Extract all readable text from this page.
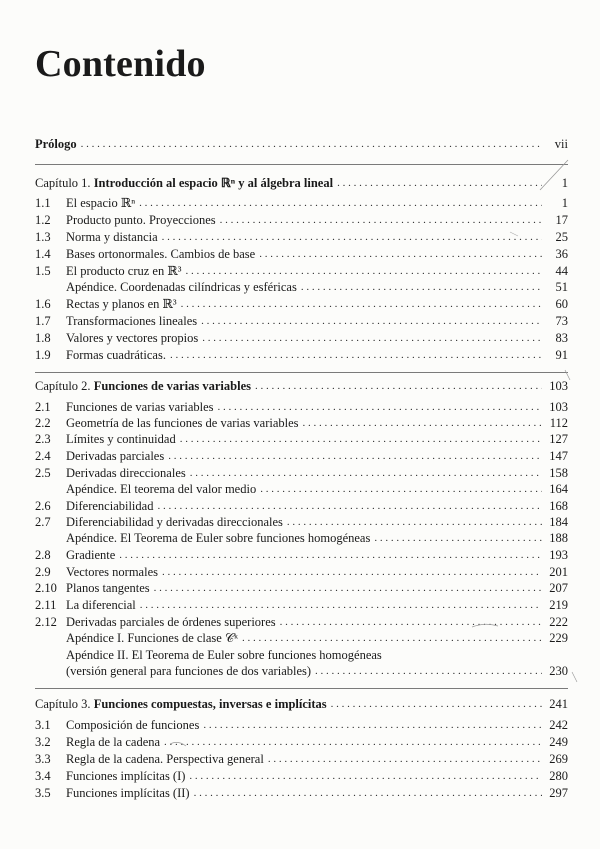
Contenido
Prólogo . . .	vii
Capítulo 1. Introducción al espacio ℝⁿ y al álgebra lineal . . .	1
1.1	El espacio ℝⁿ . . .	1
1.2	Producto punto. Proyecciones . . .	17
1.3	Norma y distancia . . .	25
1.4	Bases ortonormales. Cambios de base . . .	36
1.5	El producto cruz en ℝ³ . . .	44
Apéndice. Coordenadas cilíndricas y esféricas . . .	51
1.6	Rectas y planos en ℝ³ . . .	60
1.7	Transformaciones lineales . . .	73
1.8	Valores y vectores propios . . .	83
1.9	Formas cuadráticas. . . .	91
Capítulo 2. Funciones de varias variables . . .	103
2.1	Funciones de varias variables . . .	103
2.2	Geometría de las funciones de varias variables . . .	112
2.3	Límites y continuidad . . .	127
2.4	Derivadas parciales . . .	147
2.5	Derivadas direccionales . . .	158
Apéndice. El teorema del valor medio . . .	164
2.6	Diferenciabilidad . . .	168
2.7	Diferenciabilidad y derivadas direccionales . . .	184
Apéndice. El Teorema de Euler sobre funciones homogéneas . . .	188
2.8	Gradiente . . .	193
2.9	Vectores normales . . .	201
2.10 Planos tangentes . . .	207
2.11 La diferencial . . .	219
2.12 Derivadas parciales de órdenes superiores . . .	222
Apéndice I. Funciones de clase 𝒞ᵏ . . .	229
Apéndice II. El Teorema de Euler sobre funciones homogéneas
(versión general para funciones de dos variables) . . .	230
Capítulo 3. Funciones compuestas, inversas e implícitas . . .	241
3.1	Composición de funciones . . .	242
3.2	Regla de la cadena . . .	249
3.3	Regla de la cadena. Perspectiva general . . .	269
3.4	Funciones implícitas (I) . . .	280
3.5	Funciones implícitas (II) . . .	297
